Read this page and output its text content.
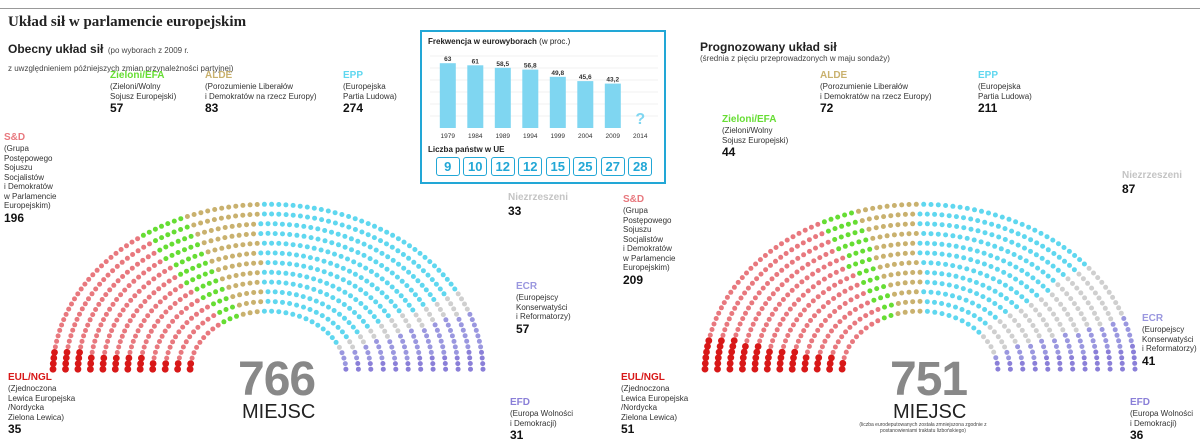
Układ sił w parlamencie europejskim
Obecny układ sił (po wyborach z 2009 r.
z uwzględnieniem późniejszych zmian przynależności partyjnej)
Prognozowany układ sił
(średnia z pięciu przeprowadzonych w maju sondaży)
EUL/NGL
(Zjednoczona
Lewica Europejska
/Nordycka
Zielona Lewica)
35
S&D
(Grupa
Postępowego
Sojuszu
Socjalistów
i Demokratów
w Parlamencie
Europejskim)
196
Zieloni/EFA
(Zieloni/Wolny
Sojusz Europejski)
57
ALDE
(Porozumienie Liberałów
i Demokratów na rzecz Europy)
83
EPP
(Europejska
Partia Ludowa)
274
Niezrzeszeni
33
ECR
(Europejscy
Konserwatyści
i Reformatorzy)
57
EFD
(Europa Wolności
i Demokracji)
31
766
MIEJSC
EUL/NGL
(Zjednoczona
Lewica Europejska
/Nordycka
Zielona Lewica)
51
S&D
(Grupa
Postępowego
Sojuszu
Socjalistów
i Demokratów
w Parlamencie
Europejskim)
209
Zieloni/EFA
(Zieloni/Wolny
Sojusz Europejski)
44
ALDE
(Porozumienie Liberałów
i Demokratów na rzecz Europy)
72
EPP
(Europejska
Partia Ludowa)
211
Niezrzeszeni
87
ECR
(Europejscy
Konserwatyści
i Reformatorzy)
41
EFD
(Europa Wolności
i Demokracji)
36
751
MIEJSC
(liczba eurodeputowanych została zmniejszona zgodnie z postanowieniami traktatu lizbońskiego)
Frekwencja w eurowyborach (w proc.)
63
1979
61
1984
58,5
1989
56,8
1994
49,8
1999
45,6
2004
43,2
2009
?
2014
Liczba państw w UE
9	10	12	12	15	25	27	28
